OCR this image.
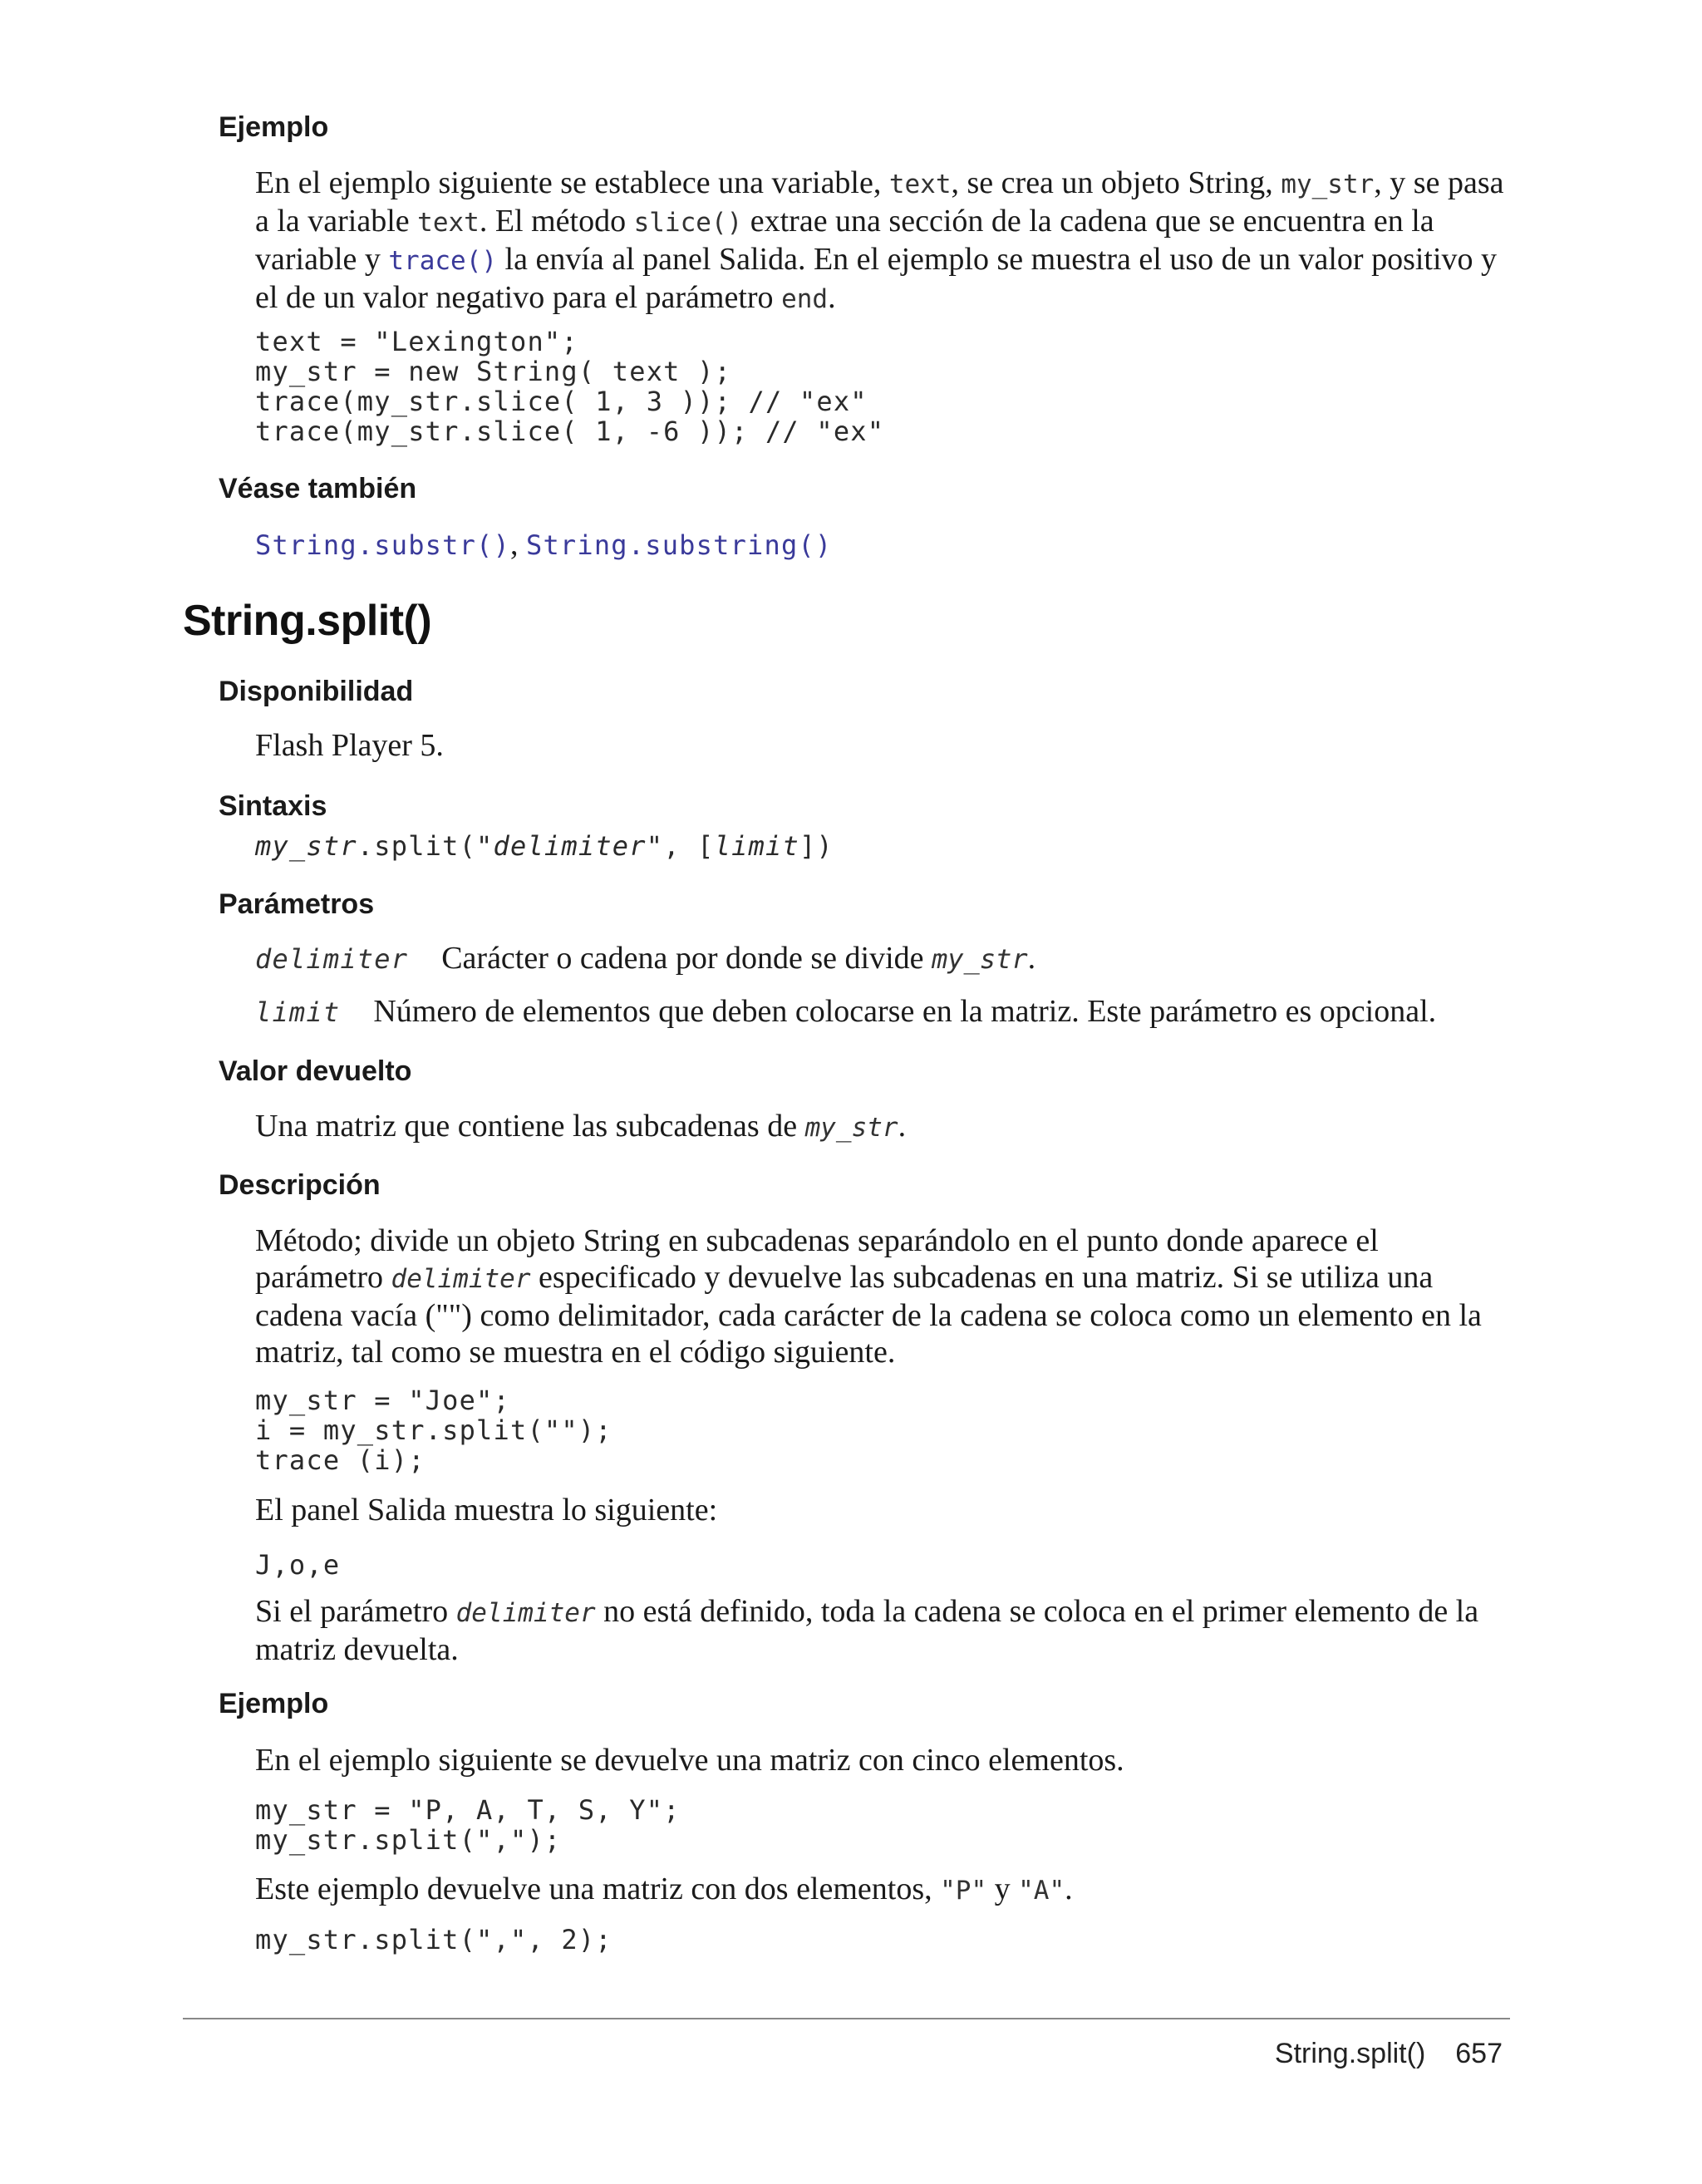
Ejemplo

En el ejemplo siguiente se establece una variable, text, se crea un objeto String, my_str, y se pasa a la variable text. El método slice() extrae una sección de la cadena que se encuentra en la variable y trace() la envía al panel Salida. En el ejemplo se muestra el uso de un valor positivo y el de un valor negativo para el parámetro end.

text = "Lexington";
my_str = new String( text );
trace(my_str.slice( 1, 3 )); // "ex"
trace(my_str.slice( 1, -6 )); // "ex"
Véase también

String.substr(), String.substring()

String.split()
Disponibilidad

Flash Player 5.

Sintaxis
my_str.split("delimiter", [limit])
Parámetros
delimiter Carácter o cadena por donde se divide my_str.
limit Número de elementos que deben colocarse en la matriz. Este parámetro es opcional.
Valor devuelto

Una matriz que contiene las subcadenas de my_str.

Descripción

Método; divide un objeto String en subcadenas separándolo en el punto donde aparece el parámetro delimiter especificado y devuelve las subcadenas en una matriz. Si se utiliza una cadena vacía ("") como delimitador, cada carácter de la cadena se coloca como un elemento en la matriz, tal como se muestra en el código siguiente.

my_str = "Joe";
i = my_str.split("");
trace (i);

El panel Salida muestra lo siguiente:

J,o,e

Si el parámetro delimiter no está definido, toda la cadena se coloca en el primer elemento de la matriz devuelta.

Ejemplo

En el ejemplo siguiente se devuelve una matriz con cinco elementos.

my_str = "P, A, T, S, Y";
my_str.split(",");

Este ejemplo devuelve una matriz con dos elementos, "P" y "A".

my_str.split(",", 2);
String.split() 657
